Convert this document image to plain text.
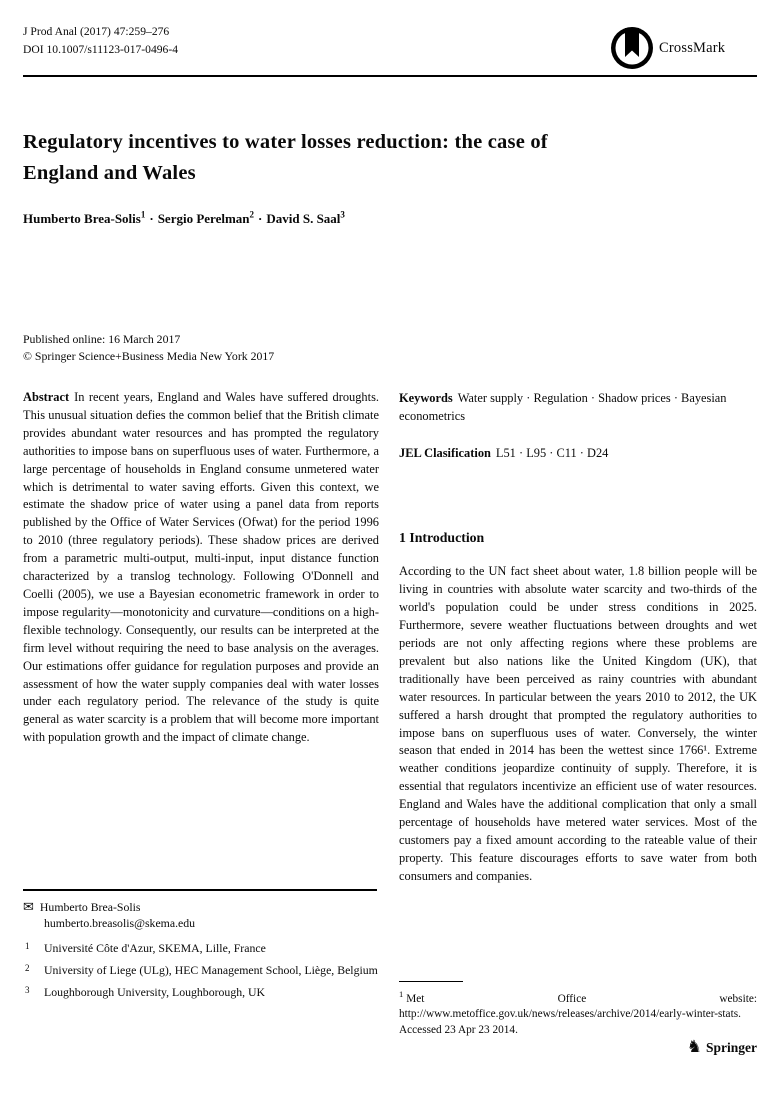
J Prod Anal (2017) 47:259–276
DOI 10.1007/s11123-017-0496-4	CrossMark
Regulatory incentives to water losses reduction: the case of England and Wales
Humberto Brea-Solis$^1$ · Sergio Perelman$^2$ · David S. Saal$^3$
Published online: 16 March 2017
© Springer Science+Business Media New York 2017

Abstract In recent years, England and Wales have suffered droughts. This unusual situation defies the common belief that the British climate provides abundant water resources and has prompted the regulatory authorities to impose bans on superfluous uses of water. Furthermore, a large percentage of households in England consume unmetered water which is detrimental to water saving efforts. Given this context, we estimate the shadow price of water using a panel data from reports published by the Office of Water Services (Ofwat) for the period 1996 to 2010 (three regulatory periods). These shadow prices are derived from a parametric multi-output, multi-input, input distance function characterized by a translog technology. Following O'Donnell and Coelli (2005), we use a Bayesian econometric framework in order to impose regularity—monotonicity and curvature—conditions on a high-flexible technology. Consequently, our results can be interpreted at the firm level without requiring the need to base analysis on the averages. Our estimations offer guidance for regulation purposes and provide an assessment of how the water supply companies deal with water losses under each regulatory period. The relevance of the study is quite general as water scarcity is a problem that will become more important with population growth and the impact of climate change.

Keywords Water supply · Regulation · Shadow prices · Bayesian econometrics

JEL Clasification L51 · L95 · C11 · D24

1 Introduction

According to the UN fact sheet about water, 1.8 billion people will be living in countries with absolute water scarcity and two-thirds of the world's population could be under stress conditions in 2025. Furthermore, severe weather fluctuations between droughts and wet periods are not only affecting regions where these problems are prevalent but also nations like the United Kingdom (UK), that traditionally have been perceived as rainy countries with abundant water resources. In particular between the years 2010 to 2012, the UK suffered a harsh drought that prompted the regulatory authorities to impose bans on superfluous uses of water. Conversely, the winter season that ended in 2014 has been the wettest since 1766¹. Extreme weather conditions jeopardize continuity of supply. Therefore, it is essential that regulators incentivize an efficient use of water resources. England and Wales have the additional complication that only a small percentage of households have metered water services. Most of the customers pay a fixed amount according to the rateable value of their property. This feature discourages efforts to save water from both consumers and companies.

✉ Humberto Brea-Solis
humberto.breasolis@skema.edu
1 Université Côte d'Azur, SKEMA, Lille, France
2 University of Liege (ULg), HEC Management School, Liège, Belgium
3 Loughborough University, Loughborough, UK	$^1$ Met Office website: http://www.metoffice.gov.uk/news/releases/archive/2014/early-winter-stats. Accessed 23 Apr 23 2014.
♞ Springer
